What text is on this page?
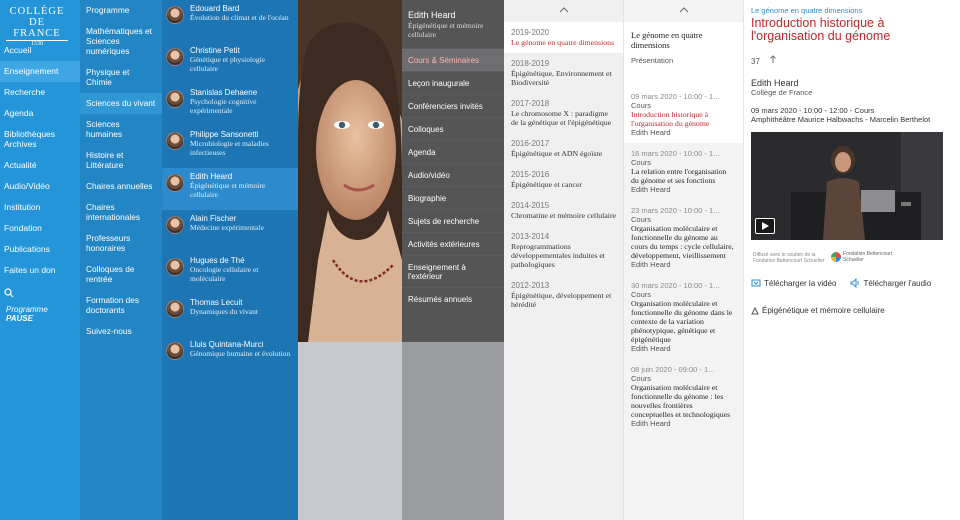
COLLÈGE
DE FRANCE
1530
Accueil
Enseignement
Recherche
Agenda
Bibliothèques Archives
Actualité
Audio/Vidéo
Institution
Fondation
Publications
Faites un don
Programme PAUSE
Programme
Mathématiques et Sciences numériques
Physique et Chimie
Sciences du vivant
Sciences humaines
Histoire et Littérature
Chaires annuelles
Chaires internationales
Professeurs honoraires
Colloques de rentrée
Formation des doctorants
Suivez-nous
Edouard Bard
Évolution du climat et de l'océan
Christine Petit
Génétique et physiologie cellulaire
Stanislas Dehaene
Psychologie cognitive expérimentale
Philippe Sansonetti
Microbiologie et maladies infectieuses
Edith Heard
Épigénétique et mémoire cellulaire
Alain Fischer
Médecine expérimentale
Hugues de Thé
Oncologie cellulaire et moléculaire
Thomas Lecuit
Dynamiques du vivant
Lluis Quintana-Murci
Génomique humaine et évolution
Edith Heard
Épigénétique et mémoire cellulaire
Cours & Séminaires
Leçon inaugurale
Conférenciers invités
Colloques
Agenda
Audio/vidéo
Biographie
Sujets de recherche
Activités extérieures
Enseignement à l'extérieur
Résumés annuels
2019-2020
Le génome en quatre dimensions
2018-2019
Épigénétique, Environnement et Biodiversité
2017-2018
Le chromosome X : paradigme de la génétique et l'épigénétique
2016-2017
Épigénétique et ADN égoïste
2015-2016
Épigénétique et cancer
2014-2015
Chromatine et mémoire cellulaire
2013-2014
Reprogrammations développementales induites et pathologiques
2012-2013
Épigénétique, développement et hérédité
Le génome en quatre dimensions
Présentation
09 mars 2020 - 10:00 - 1...
Cours
Introduction historique à l'organisation du génome
Edith Heard
16 mars 2020 - 10:00 - 1...
Cours
La relation entre l'organisation du génome et ses fonctions
Edith Heard
23 mars 2020 - 10:00 - 1...
Cours
Organisation moléculaire et fonctionnelle du génome au cours du temps : cycle cellulaire, développement, vieillissement
Edith Heard
30 mars 2020 - 10:00 - 1...
Cours
Organisation moléculaire et fonctionnelle du génome dans le contexte de la variation phénotypique, génétique et épigénétique
Edith Heard
08 juin 2020 - 09:00 - 1...
Cours
Organisation moléculaire et fonctionnelle du génome : les nouvelles frontières conceptuelles et technologiques
Edith Heard
Le génome en quatre dimensions
Introduction historique à l'organisation du génome
37
Edith Heard
Collège de France
09 mars 2020 - 10:00 - 12:00 - Cours
Amphithéâtre Maurice Halbwachs - Marcelin Berthelot
Diffusé avec le soutien de la Fondation Bettencourt Schueller
Fondation Bettencourt Schueller
Télécharger la vidéo	Télécharger l'audio
Épigénétique et mémoire cellulaire
